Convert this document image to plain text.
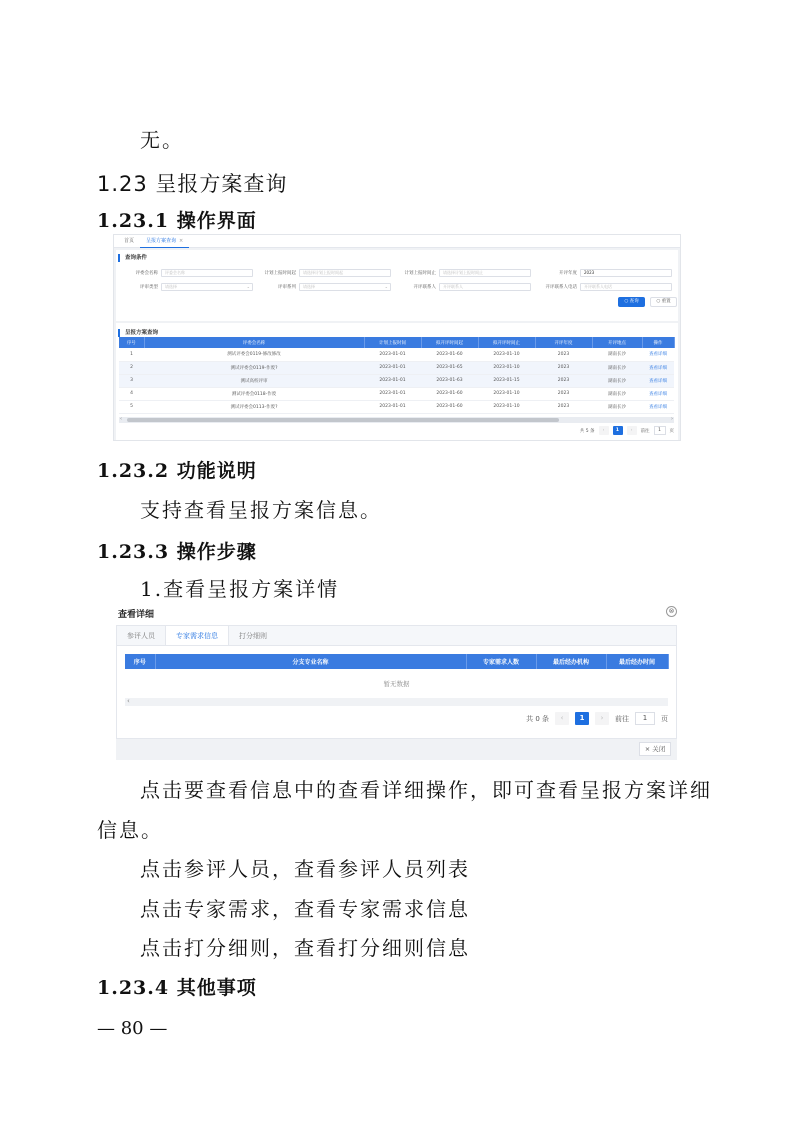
无。
1.23 呈报方案查询
1.23.1 操作界面
首页	呈报方案查询 ×
查询条件
评委会名称	评委会名称	计划上报时间起	请选择计划上报时间起	计划上报时间止	请选择计划上报时间止	开评年度	2023
评审类型	请选择	⌄	评审系列	请选择	⌄	开评联系人	开评联系人	开评联系人电话	开评联系人电话
○ 查询	○ 重置
呈报方案查询
序号	评委会名称	计划上报时间	拟开评时间起	拟开评时间止	开评年度	开评地点	操作
1	测试评委会0119-修改修改	2023-01-01	2023-01-60	2023-01-10	2023	湖南长沙	查看详细
2	测试评委会0119-作废?	2023-01-01	2023-01-65	2023-01-10	2023	湖南长沙	查看详细
3	测试高校评审	2023-01-01	2023-01-63	2023-01-15	2023	湖南长沙	查看详细
4	测试评委会0118-作废	2023-01-01	2023-01-60	2023-01-10	2023	湖南长沙	查看详细
5	测试评委会0113-作废?	2023-01-01	2023-01-60	2023-01-10	2023	湖南长沙	查看详细
‹	›
共 5 条	‹	1	›	前往	1	页
1.23.2 功能说明
支持查看呈报方案信息。
1.23.3 操作步骤
1.查看呈报方案详情
查看详细	⊗
参评人员	专家需求信息	打分细则
序号	分支专业名称	专家需求人数	最后经办机构	最后经办时间
暂无数据
‹
共 0 条	‹	1	›	前往	1	页
× 关闭
点击要查看信息中的查看详细操作，即可查看呈报方案详细
信息。
点击参评人员，查看参评人员列表
点击专家需求，查看专家需求信息
点击打分细则，查看打分细则信息
1.23.4 其他事项
— 80 —
